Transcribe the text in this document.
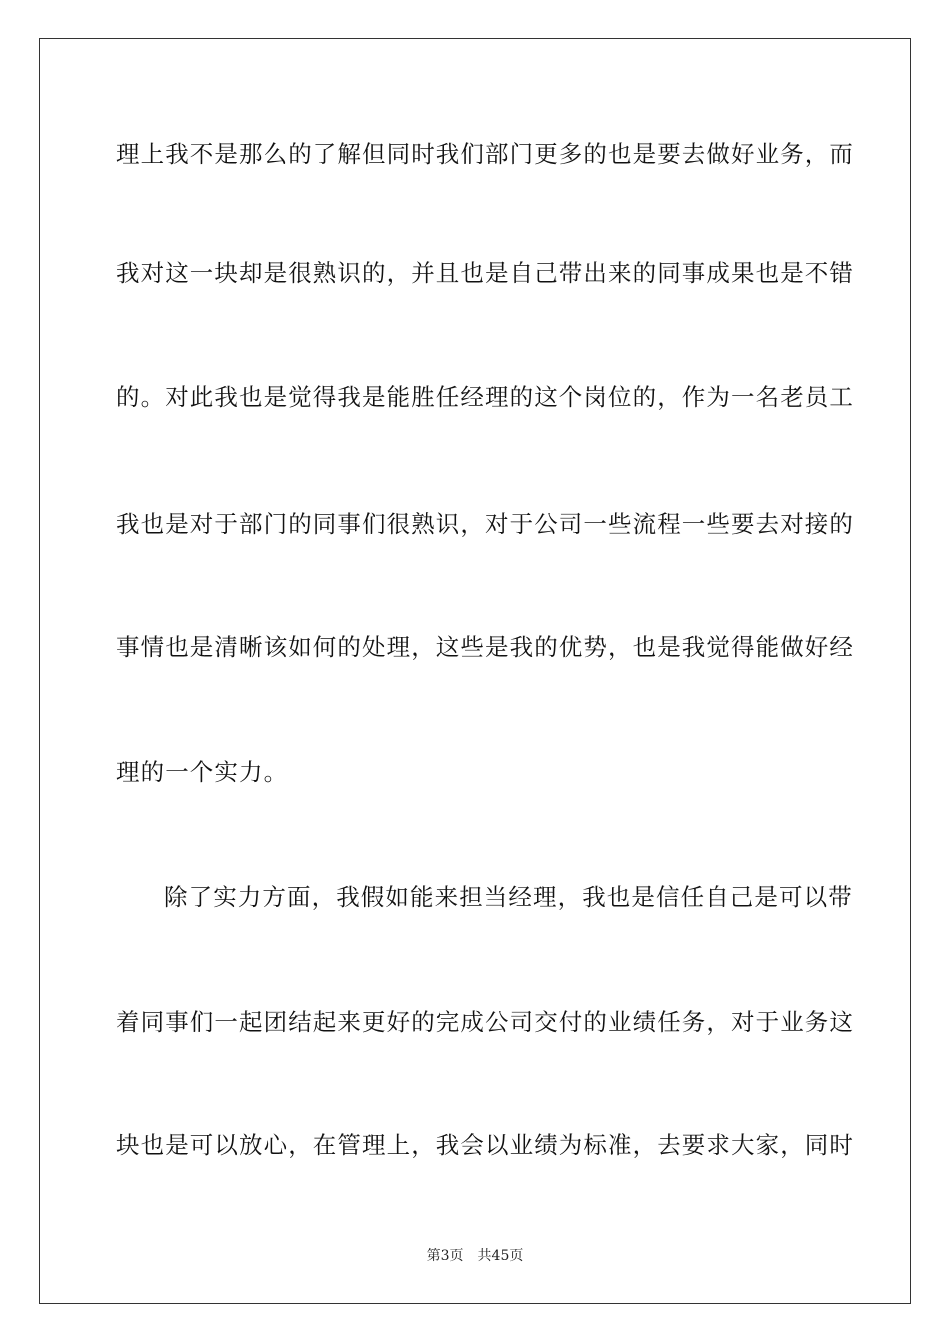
理上我不是那么的了解但同时我们部门更多的也是要去做好业务，而
我对这一块却是很熟识的，并且也是自己带出来的同事成果也是不错
的。对此我也是觉得我是能胜任经理的这个岗位的，作为一名老员工
我也是对于部门的同事们很熟识，对于公司一些流程一些要去对接的
事情也是清晰该如何的处理，这些是我的优势，也是我觉得能做好经
理的一个实力。
除了实力方面，我假如能来担当经理，我也是信任自己是可以带
着同事们一起团结起来更好的完成公司交付的业绩任务，对于业务这
块也是可以放心，在管理上，我会以业绩为标准，去要求大家，同时
第3页 共45页
